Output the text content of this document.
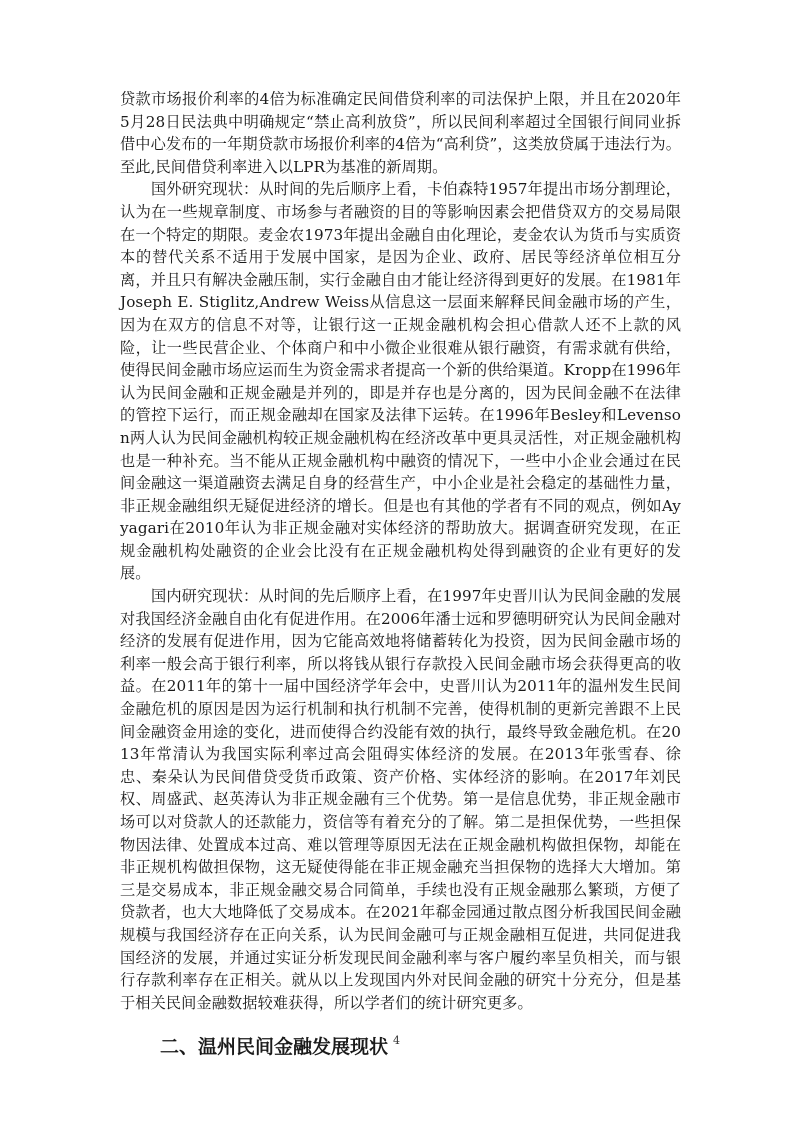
贷款市场报价利率的4倍为标准确定民间借贷利率的司法保护上限，并且在2020年5月28日民法典中明确规定“禁止高利放贷”，所以民间利率超过全国银行间同业拆借中心发布的一年期贷款市场报价利率的4倍为“高利贷”，这类放贷属于违法行为。至此,民间借贷利率进入以LPR为基准的新周期。

国外研究现状：从时间的先后顺序上看，卡伯森特1957年提出市场分割理论，认为在一些规章制度、市场参与者融资的目的等影响因素会把借贷双方的交易局限在一个特定的期限。麦金农1973年提出金融自由化理论，麦金农认为货币与实质资本的替代关系不适用于发展中国家，是因为企业、政府、居民等经济单位相互分离，并且只有解决金融压制，实行金融自由才能让经济得到更好的发展。在1981年Joseph E. Stiglitz,Andrew Weiss从信息这一层面来解释民间金融市场的产生，因为在双方的信息不对等，让银行这一正规金融机构会担心借款人还不上款的风险，让一些民营企业、个体商户和中小微企业很难从银行融资，有需求就有供给，使得民间金融市场应运而生为资金需求者提高一个新的供给渠道。Kropp在1996年认为民间金融和正规金融是并列的，即是并存也是分离的，因为民间金融不在法律的管控下运行，而正规金融却在国家及法律下运转。在1996年Besley和Levenson两人认为民间金融机构较正规金融机构在经济改革中更具灵活性，对正规金融机构也是一种补充。当不能从正规金融机构中融资的情况下，一些中小企业会通过在民间金融这一渠道融资去满足自身的经营生产，中小企业是社会稳定的基础性力量，非正规金融组织无疑促进经济的增长。但是也有其他的学者有不同的观点，例如Ayyagari在2010年认为非正规金融对实体经济的帮助放大。据调查研究发现，在正规金融机构处融资的企业会比没有在正规金融机构处得到融资的企业有更好的发展。

国内研究现状：从时间的先后顺序上看，在1997年史晋川认为民间金融的发展对我国经济金融自由化有促进作用。在2006年潘士远和罗德明研究认为民间金融对经济的发展有促进作用，因为它能高效地将储蓄转化为投资，因为民间金融市场的利率一般会高于银行利率，所以将钱从银行存款投入民间金融市场会获得更高的收益。在2011年的第十一届中国经济学年会中，史晋川认为2011年的温州发生民间金融危机的原因是因为运行机制和执行机制不完善，使得机制的更新完善跟不上民间金融资金用途的变化，进而使得合约没能有效的执行，最终导致金融危机。在2013年常清认为我国实际利率过高会阻碍实体经济的发展。在2013年张雪春、徐忠、秦朵认为民间借贷受货币政策、资产价格、实体经济的影响。在2017年刘民权、周盛武、赵英涛认为非正规金融有三个优势。第一是信息优势，非正规金融市场可以对贷款人的还款能力，资信等有着充分的了解。第二是担保优势，一些担保物因法律、处置成本过高、难以管理等原因无法在正规金融机构做担保物，却能在非正规机构做担保物，这无疑使得能在非正规金融充当担保物的选择大大增加。第三是交易成本，非正规金融交易合同简单，手续也没有正规金融那么繁琐，方便了贷款者，也大大地降低了交易成本。在2021年郗金园通过散点图分析我国民间金融规模与我国经济存在正向关系，认为民间金融可与正规金融相互促进，共同促进我国经济的发展，并通过实证分析发现民间金融利率与客户履约率呈负相关，而与银行存款利率存在正相关。就从以上发现国内外对民间金融的研究十分充分，但是基于相关民间金融数据较难获得，所以学者们的统计研究更多。

二、温州民间金融发展现状 4
